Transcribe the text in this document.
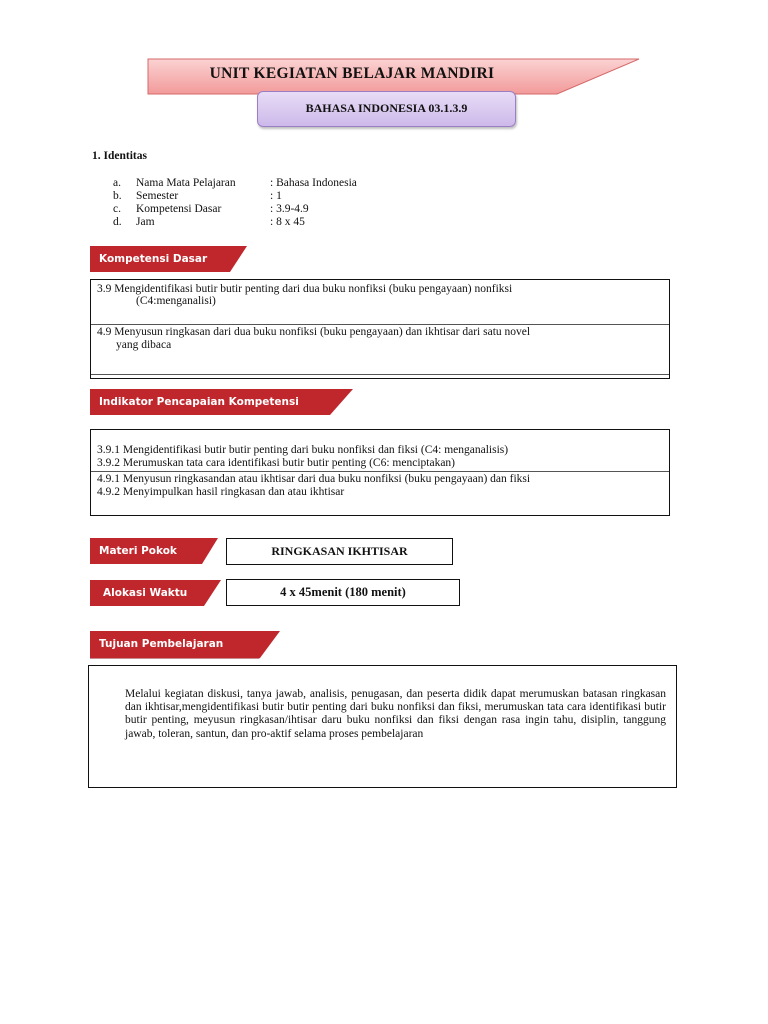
UNIT KEGIATAN BELAJAR MANDIRI
BAHASA INDONESIA 03.1.3.9
1. Identitas
a.	Nama Mata Pelajaran	: Bahasa Indonesia
b.	Semester	: 1
c.	Kompetensi Dasar	: 3.9-4.9
d.	Jam	: 8 x 45
Kompetensi Dasar
3.9 Mengidentifikasi butir butir penting dari dua buku nonfiksi (buku pengayaan) nonfiksi
(C4:menganalisi)
4.9 Menyusun ringkasan dari dua buku nonfiksi (buku pengayaan) dan ikhtisar dari satu novel
yang dibaca
Indikator Pencapaian Kompetensi
3.9.1 Mengidentifikasi butir butir penting dari buku nonfiksi dan fiksi (C4: menganalisis)
3.9.2 Merumuskan tata cara identifikasi butir butir penting (C6: menciptakan)
4.9.1 Menyusun ringkasandan atau ikhtisar dari dua buku nonfiksi (buku pengayaan) dan fiksi
4.9.2 Menyimpulkan hasil ringkasan dan atau ikhtisar
Materi Pokok	RINGKASAN IKHTISAR
Alokasi Waktu	4 x 45menit (180 menit)
Tujuan Pembelajaran
Melalui kegiatan diskusi, tanya jawab, analisis, penugasan, dan peserta didik dapat merumuskan batasan ringkasan dan ikhtisar,mengidentifikasi butir butir penting dari buku nonfiksi dan fiksi, merumuskan tata cara identifikasi butir butir penting, meyusun ringkasan/ihtisar daru buku nonfiksi dan fiksi dengan rasa ingin tahu, disiplin, tanggung jawab, toleran, santun, dan pro-aktif selama proses pembelajaran
